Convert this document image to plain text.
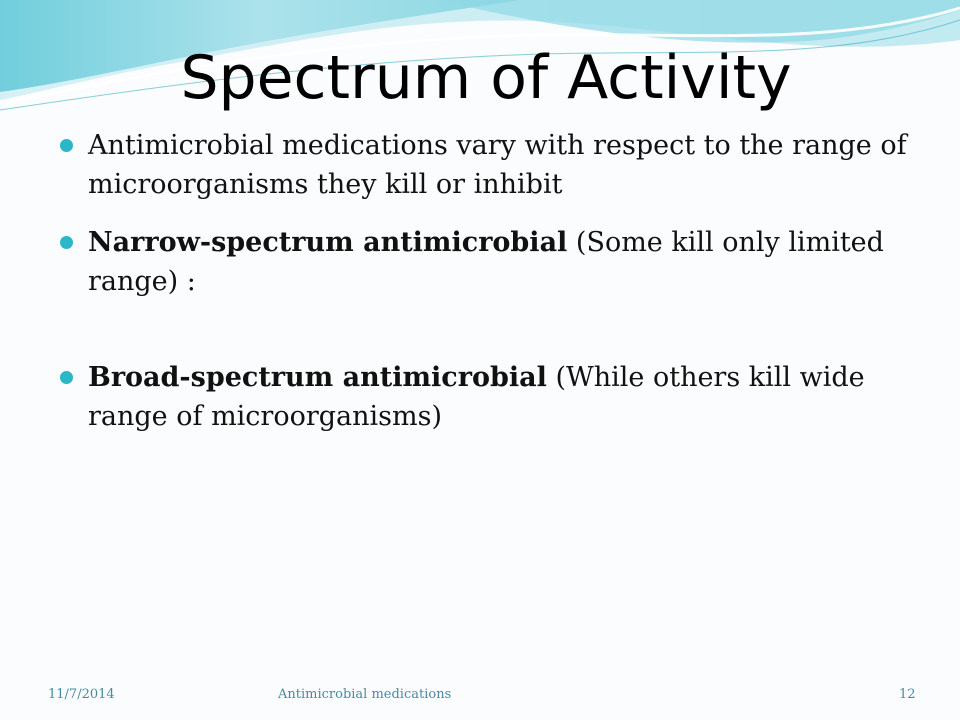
Spectrum of Activity
Antimicrobial medications vary with respect to the range of microorganisms they kill or inhibit
Narrow-spectrum antimicrobial (Some kill only limited range) :
Broad-spectrum antimicrobial (While others kill wide range of microorganisms)
11/7/2014	Antimicrobial medications	12
